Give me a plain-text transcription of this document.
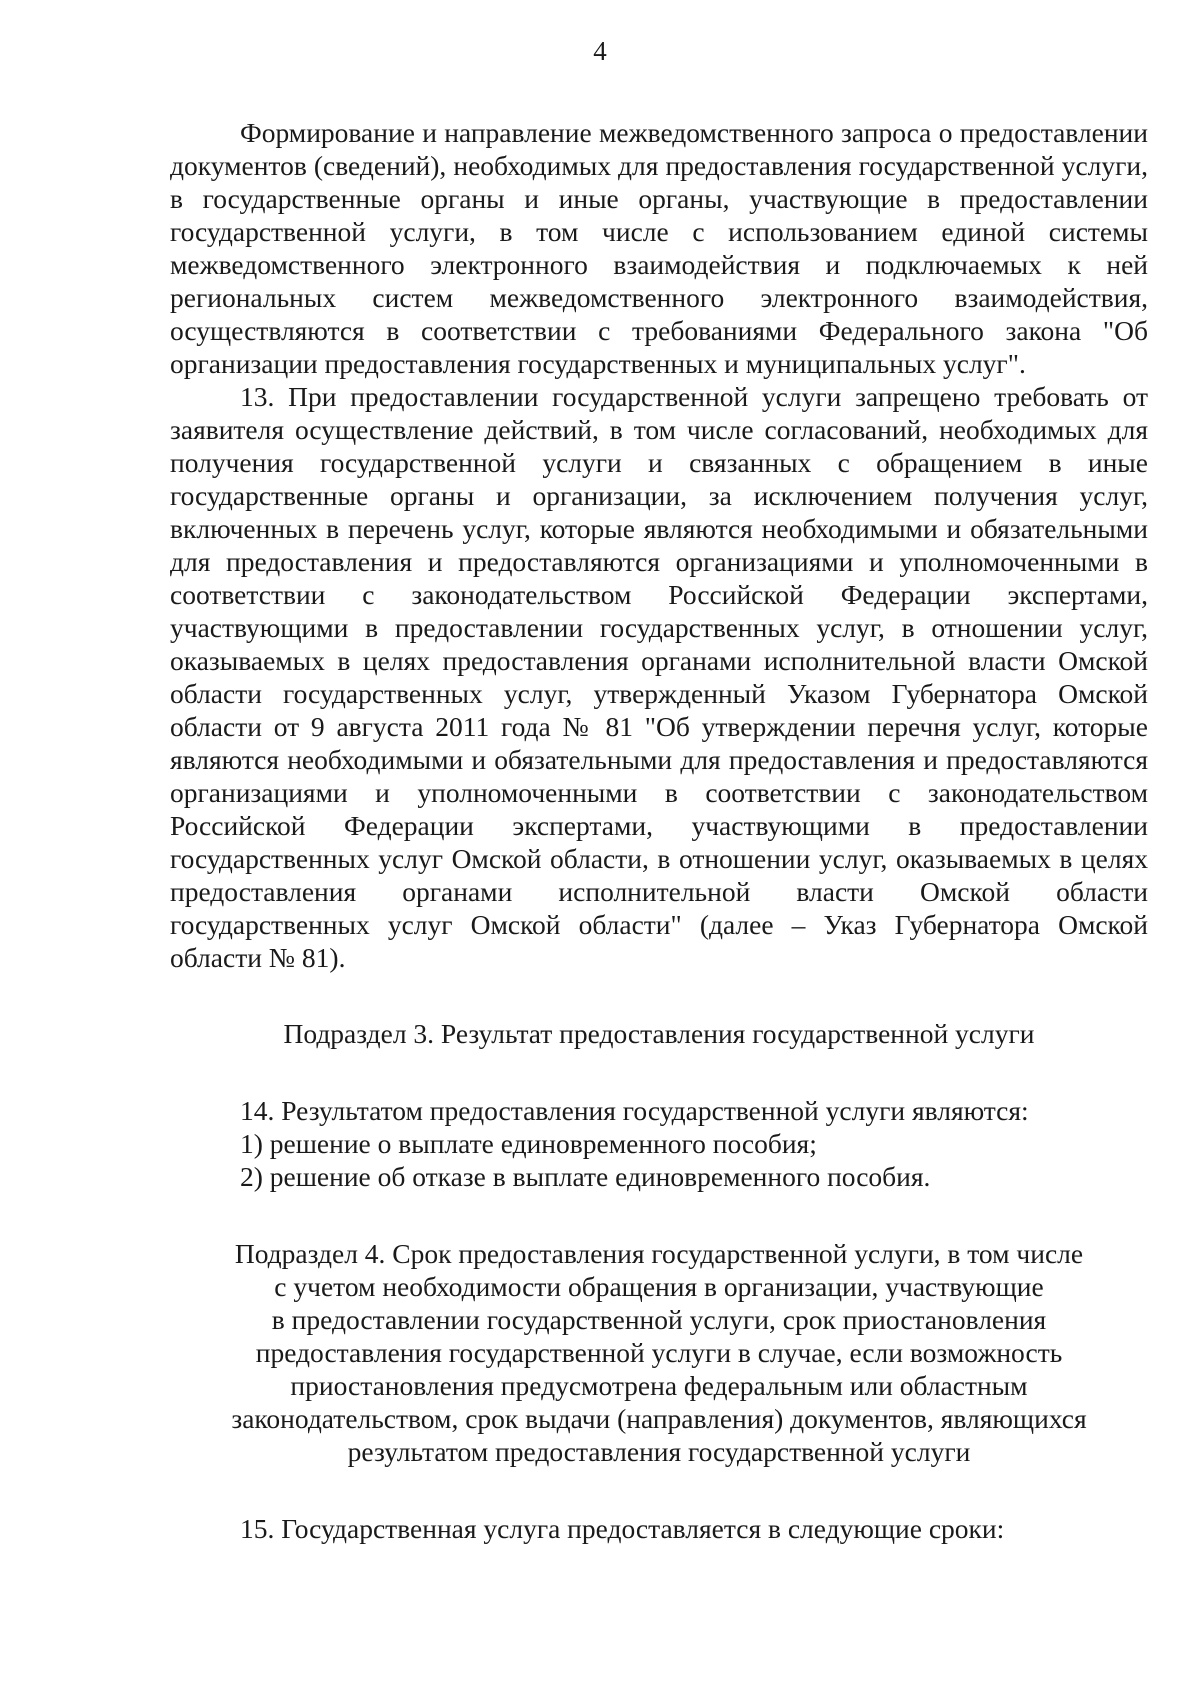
4

Формирование и направление межведомственного запроса о предоставлении документов (сведений), необходимых для предоставления государственной услуги, в государственные органы и иные органы, участвующие в предоставлении государственной услуги, в том числе с использованием единой системы межведомственного электронного взаимодействия и подключаемых к ней региональных систем межведомственного электронного взаимодействия, осуществляются в соответствии с требованиями Федерального закона "Об организации предоставления государственных и муниципальных услуг".

13. При предоставлении государственной услуги запрещено требовать от заявителя осуществление действий, в том числе согласований, необходимых для получения государственной услуги и связанных с обращением в иные государственные органы и организации, за исключением получения услуг, включенных в перечень услуг, которые являются необходимыми и обязательными для предоставления и предоставляются организациями и уполномоченными в соответствии с законодательством Российской Федерации экспертами, участвующими в предоставлении государственных услуг, в отношении услуг, оказываемых в целях предоставления органами исполнительной власти Омской области государственных услуг, утвержденный Указом Губернатора Омской области от 9 августа 2011 года № 81 "Об утверждении перечня услуг, которые являются необходимыми и обязательными для предоставления и предоставляются организациями и уполномоченными в соответствии с законодательством Российской Федерации экспертами, участвующими в предоставлении государственных услуг Омской области, в отношении услуг, оказываемых в целях предоставления органами исполнительной власти Омской области государственных услуг Омской области" (далее – Указ Губернатора Омской области № 81).

Подраздел 3. Результат предоставления государственной услуги

14. Результатом предоставления государственной услуги являются:

1) решение о выплате единовременного пособия;

2) решение об отказе в выплате единовременного пособия.

Подраздел 4. Срок предоставления государственной услуги, в том числе
с учетом необходимости обращения в организации, участвующие
в предоставлении государственной услуги, срок приостановления
предоставления государственной услуги в случае, если возможность
приостановления предусмотрена федеральным или областным
законодательством, срок выдачи (направления) документов, являющихся
результатом предоставления государственной услуги

15. Государственная услуга предоставляется в следующие сроки:
